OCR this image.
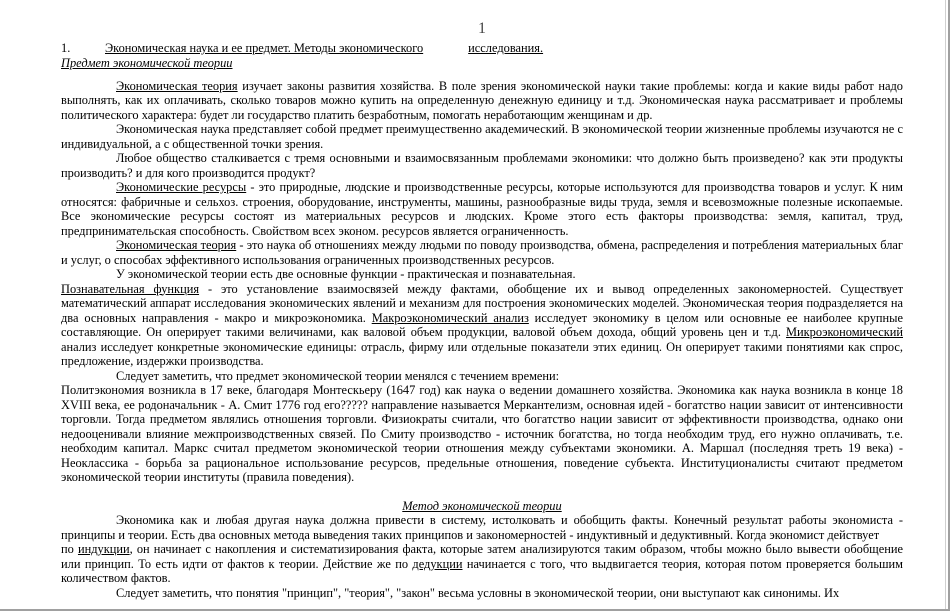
1
1.	Экономическая наука и ее предмет. Методы экономического	исследования.
Предмет экономической теории

Экономическая теория изучает законы развития хозяйства. В поле зрения экономической науки такие проблемы: когда и какие виды работ надо выполнять, как их оплачивать, сколько товаров можно купить на определенную денежную единицу и т.д. Экономическая наука рассматривает и проблемы политического характера: будет ли государство платить безработным, помогать неработающим женщинам и др.

Экономическая наука представляет собой предмет преимущественно академический. В экономической теории жизненные проблемы изучаются не с индивидуальной, а с общественной точки зрения.

Любое общество сталкивается с тремя основными и взаимосвязанным проблемами экономики: что должно быть произведено? как эти продукты производить? и для кого производится продукт?

Экономические ресурсы - это природные, людские и производственные ресурсы, которые используются для производства товаров и услуг. К ним относятся: фабричные и сельхоз. строения, оборудование, инструменты, машины, разнообразные виды труда, земля и всевозможные полезные ископаемые. Все экономические ресурсы состоят из материальных ресурсов и людских. Кроме этого есть факторы производства: земля, капитал, труд, предпринимательская способность. Свойством всех эконом. ресурсов является ограниченность.

Экономическая теория - это наука об отношениях между людьми по поводу производства, обмена, распределения и потребления материальных благ и услуг, о способах эффективного использования ограниченных производственных ресурсов.

У экономической теории есть две основные функции - практическая и познавательная.

Познавательная функция - это установление взаимосвязей между фактами, обобщение их и вывод определенных закономерностей. Существует математический аппарат исследования экономических явлений и механизм для построения экономических моделей. Экономическая теория подразделяется на два основных направления - макро и микроэкономика. Макроэкономический анализ исследует экономику в целом или основные ее наиболее крупные составляющие. Он оперирует такими величинами, как валовой объем продукции, валовой объем дохода, общий уровень цен и т.д. Микроэкономический анализ исследует конкретные экономические единицы: отрасль, фирму или отдельные показатели этих единиц. Он оперирует такими понятиями как спрос, предложение, издержки производства.

Следует заметить, что предмет экономической теории менялся с течением времени:

Политэкономия возникла в 17 веке, благодаря Монтескьеру (1647 год) как наука о ведении домашнего хозяйства. Экономика как наука возникла в конце 18 XVIII века, ее родоначальник - А. Смит 1776 год его????? направление называется Меркантелизм, основная идей - богатство нации зависит от интенсивности торговли. Тогда предметом являлись отношения торговли. Физиократы считали, что богатство нации зависит от эффективности производства, однако они недооценивали влияние межпроизводственных связей. По Смиту производство - источник богатства, но тогда необходим труд, его нужно оплачивать, т.е. необходим капитал. Маркс считал предметом экономической теории отношения между субъектами экономики. А. Маршал (последняя треть 19 века) - Неоклассика - борьба за рациональное использование ресурсов, предельные отношения, поведение субъекта. Институционалисты считают предметом экономической теории институты (правила поведения).

Метод экономической теории

Экономика как и любая другая наука должна привести в систему, истолковать и обобщить факты. Конечный результат работы экономиста - принципы и теории. Есть два основных метода выведения таких принципов и закономерностей - индуктивный и дедуктивный. Когда экономист действует

по индукции, он начинает с накопления и систематизирования факта, которые затем анализируются таким образом, чтобы можно было вывести обобщение или принцип. То есть идти от фактов к теории. Действие же по дедукции начинается с того, что выдвигается теория, которая потом проверяется большим количеством фактов.

Следует заметить, что понятия "принцип", "теория", "закон" весьма условны в экономической теории, они выступают как синонимы. Их
